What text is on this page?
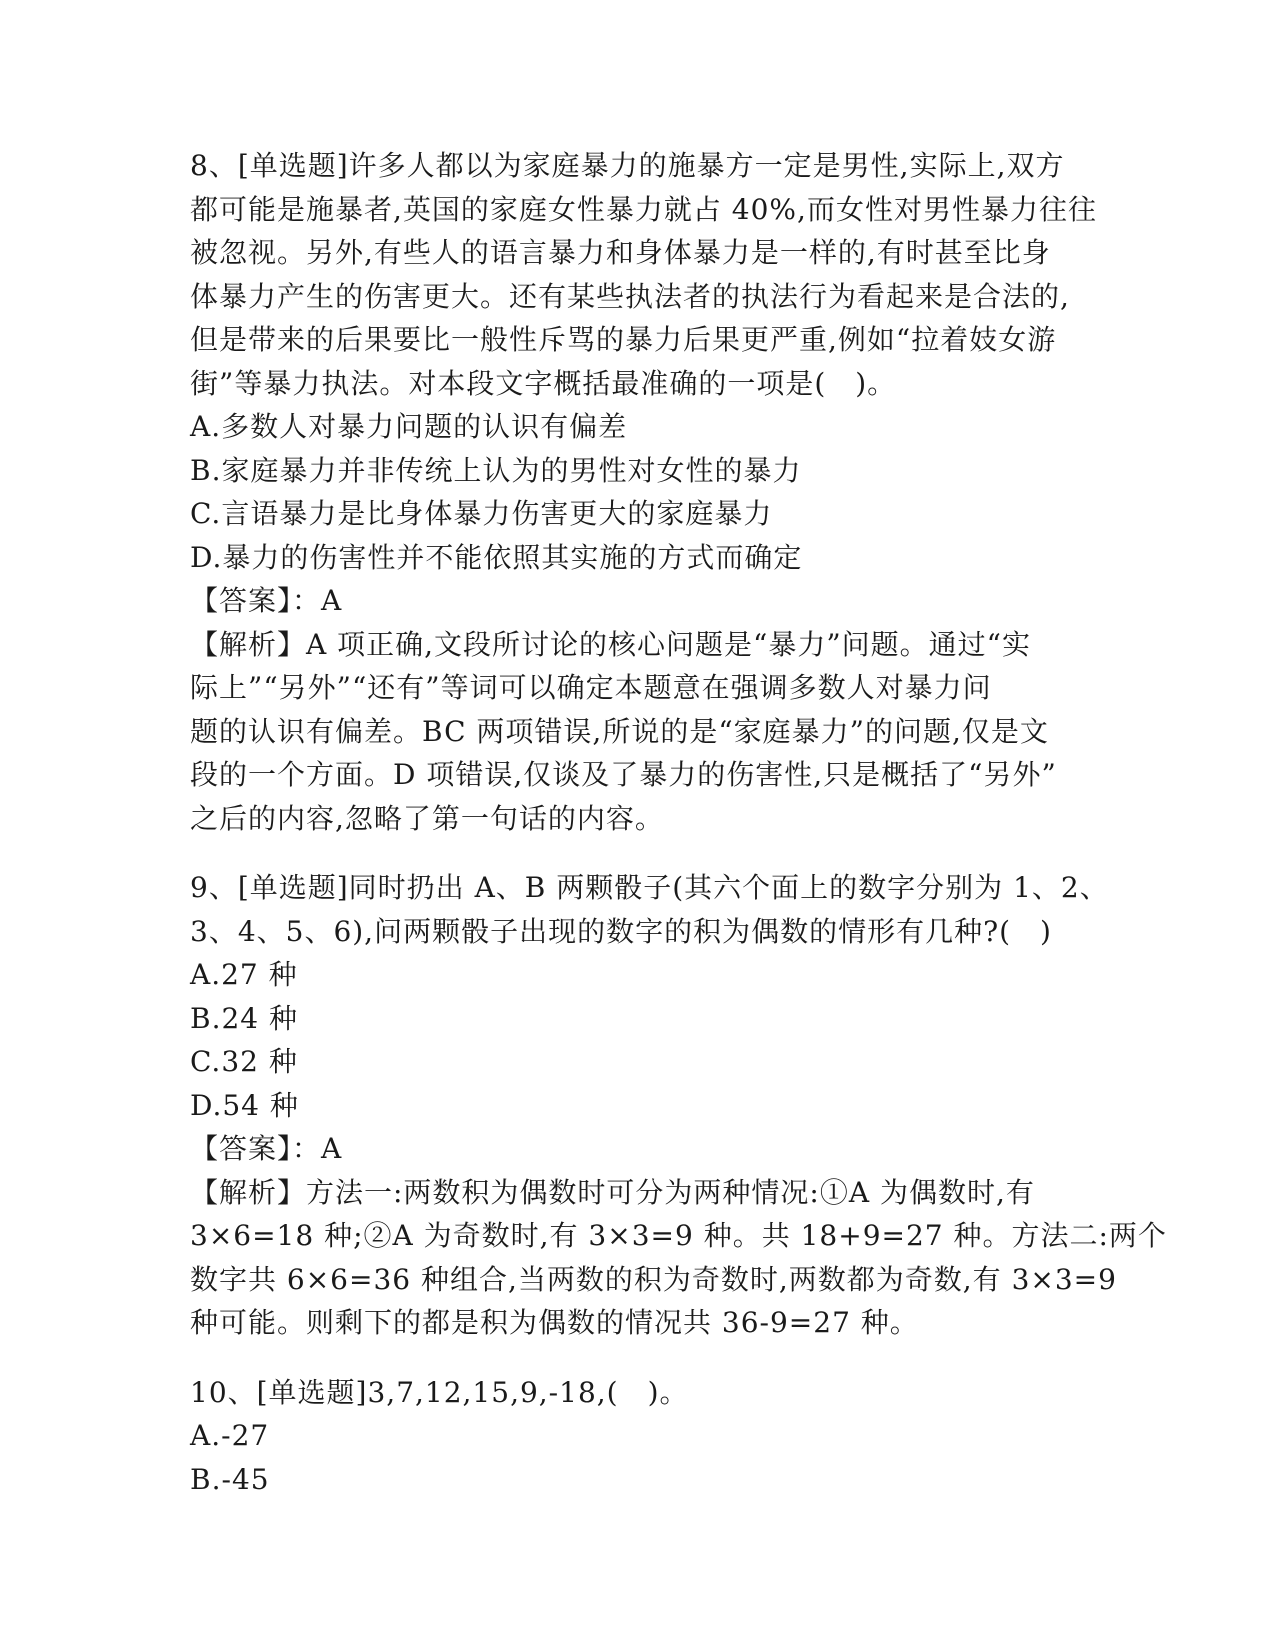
8、[单选题]许多人都以为家庭暴力的施暴方一定是男性,实际上,双方
都可能是施暴者,英国的家庭女性暴力就占 40%,而女性对男性暴力往往
被忽视。另外,有些人的语言暴力和身体暴力是一样的,有时甚至比身
体暴力产生的伤害更大。还有某些执法者的执法行为看起来是合法的,
但是带来的后果要比一般性斥骂的暴力后果更严重,例如“拉着妓女游
街”等暴力执法。对本段文字概括最准确的一项是(　)。
A.多数人对暴力问题的认识有偏差
B.家庭暴力并非传统上认为的男性对女性的暴力
C.言语暴力是比身体暴力伤害更大的家庭暴力
D.暴力的伤害性并不能依照其实施的方式而确定
【答案】：A
【解析】A 项正确,文段所讨论的核心问题是“暴力”问题。通过“实
际上”“另外”“还有”等词可以确定本题意在强调多数人对暴力问
题的认识有偏差。BC 两项错误,所说的是“家庭暴力”的问题,仅是文
段的一个方面。D 项错误,仅谈及了暴力的伤害性,只是概括了“另外”
之后的内容,忽略了第一句话的内容。
9、[单选题]同时扔出 A、B 两颗骰子(其六个面上的数字分别为 1、2、
3、4、5、6),问两颗骰子出现的数字的积为偶数的情形有几种?(　)
A.27 种
B.24 种
C.32 种
D.54 种
【答案】：A
【解析】方法一:两数积为偶数时可分为两种情况:①A 为偶数时,有
3×6=18 种;②A 为奇数时,有 3×3=9 种。共 18+9=27 种。方法二:两个
数字共 6×6=36 种组合,当两数的积为奇数时,两数都为奇数,有 3×3=9
种可能。则剩下的都是积为偶数的情况共 36-9=27 种。
10、[单选题]3,7,12,15,9,-18,(　)。
A.-27
B.-45
